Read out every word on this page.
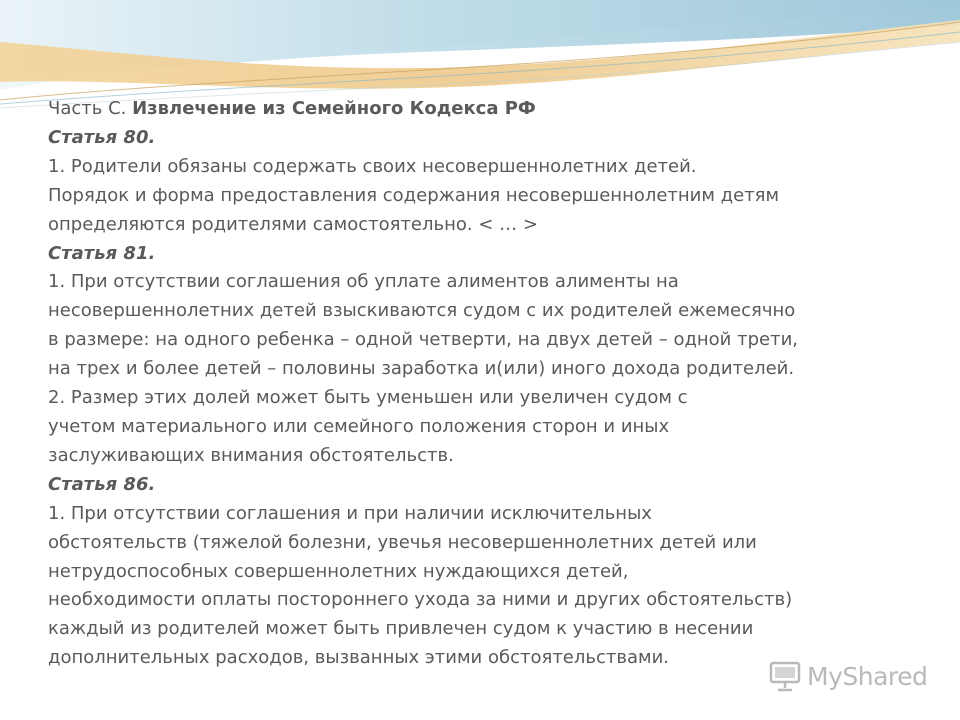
Часть С. Извлечение из Семейного Кодекса РФ
Статья 80.
1. Родители обязаны содержать своих несовершеннолетних детей.
Порядок и форма предоставления содержания несовершеннолетним детям
определяются родителями самостоятельно. < … >
Статья 81.
1. При отсутствии соглашения об уплате алиментов алименты на
несовершеннолетних детей взыскиваются судом с их родителей ежемесячно
в размере: на одного ребенка – одной четверти, на двух детей – одной трети,
на трех и более детей – половины заработка и(или) иного дохода родителей.
2. Размер этих долей может быть уменьшен или увеличен судом с
учетом материального или семейного положения сторон и иных
заслуживающих внимания обстоятельств.
Статья 86.
1. При отсутствии соглашения и при наличии исключительных
обстоятельств (тяжелой болезни, увечья несовершеннолетних детей или
нетрудоспособных совершеннолетних нуждающихся детей,
необходимости оплаты постороннего ухода за ними и других обстоятельств)
каждый из родителей может быть привлечен судом к участию в несении
дополнительных расходов, вызванных этими обстоятельствами.
MyShared
